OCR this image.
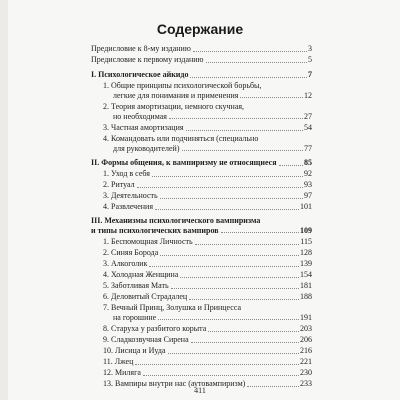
Содержание
Предисловие к 8-му изданию	3
Предисловие к первому изданию	5
I. Психологическое айкидо	7
1. Общие принципы психологической борьбы,
легкие для понимания и применения	12
2. Теория амортизации, немного скучная,
но необходимая	27
3. Частная амортизация	54
4. Командовать или подчиняться (специально
для руководителей)	77
II. Формы общения, к вампиризму не относящиеся	85
1. Уход в себя	92
2. Ритуал	93
3. Деятельность	97
4. Развлечения	101
III. Механизмы психологического вампиризма
и типы психологических вампиров	109
1. Беспомощная Личность	115
2. Синяя Борода	128
3. Алкоголик	139
4. Холодная Женщина	154
5. Заботливая Мать	181
6. Деловитый Страдалец	188
7. Вечный Принц, Золушка и Принцесса
на горошине	191
8. Старуха у разбитого корыта	203
9. Сладкозвучная Сирена	206
10. Лисица и Иуда	216
11. Лжец	221
12. Миляга	230
13. Вампиры внутри нас (аутовампиризм)	233
411
